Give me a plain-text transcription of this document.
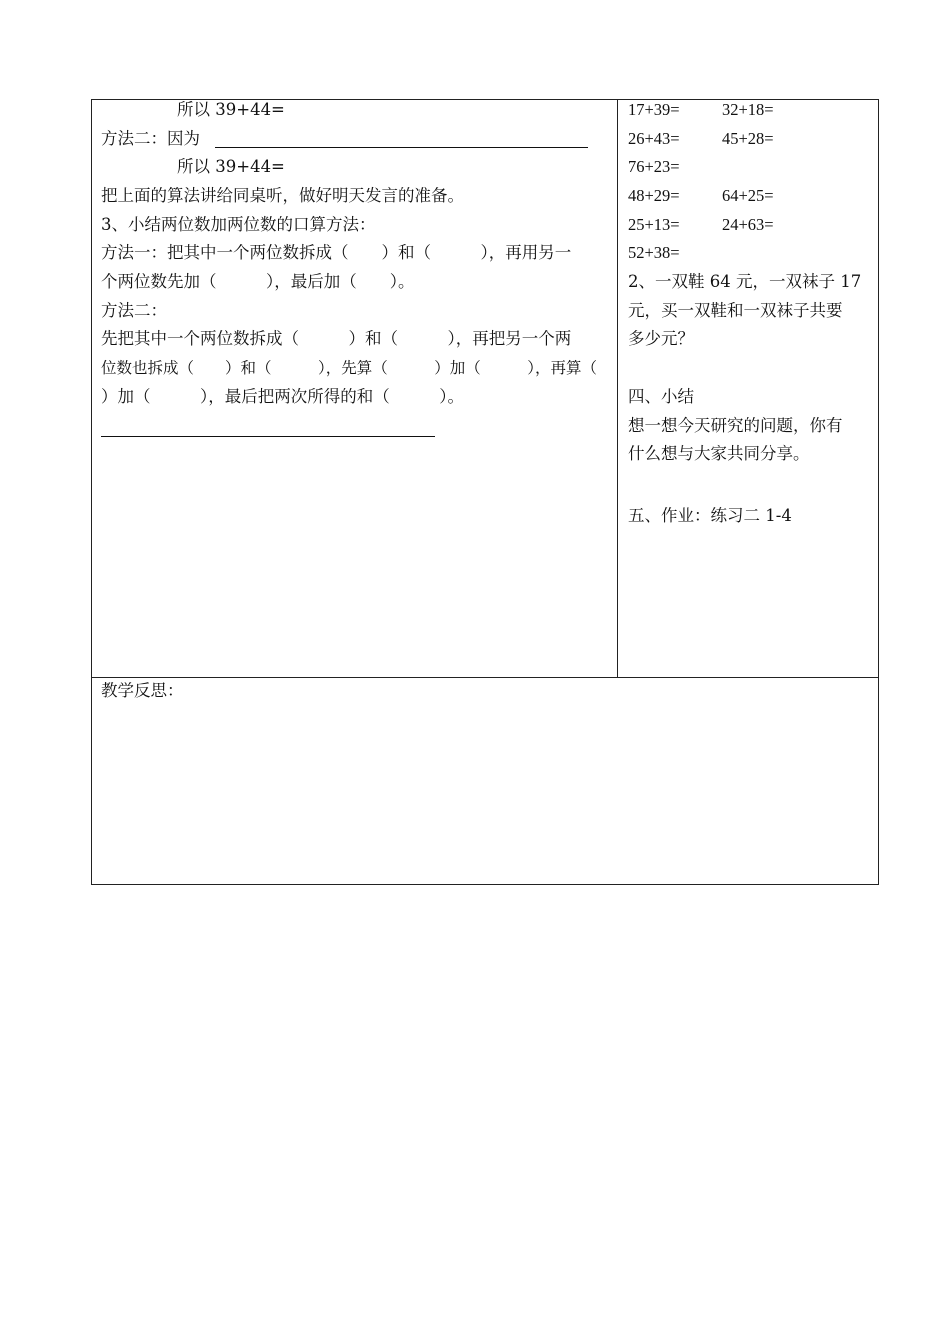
所以 39+44=
方法二：因为
所以 39+44=
把上面的算法讲给同桌听，做好明天发言的准备。
3、小结两位数加两位数的口算方法：
方法一：把其中一个两位数拆成（　　）和（　　　），再用另一
个两位数先加（　　　），最后加（　　）。
方法二：
先把其中一个两位数拆成（　　　）和（　　　），再把另一个两
位数也拆成（　　）和（　　　），先算（　　　）加（　　　），再算（
）加（　　　），最后把两次所得的和（　　　）。
17+39=	32+18=
26+43=	45+28=
76+23=
48+29=	64+25=
25+13=	24+63=
52+38=
2、一双鞋 64 元，一双袜子 17
元，买一双鞋和一双袜子共要
多少元？
四、小结
想一想今天研究的问题，你有
什么想与大家共同分享。
五、作业：练习二 1-4
教学反思：
